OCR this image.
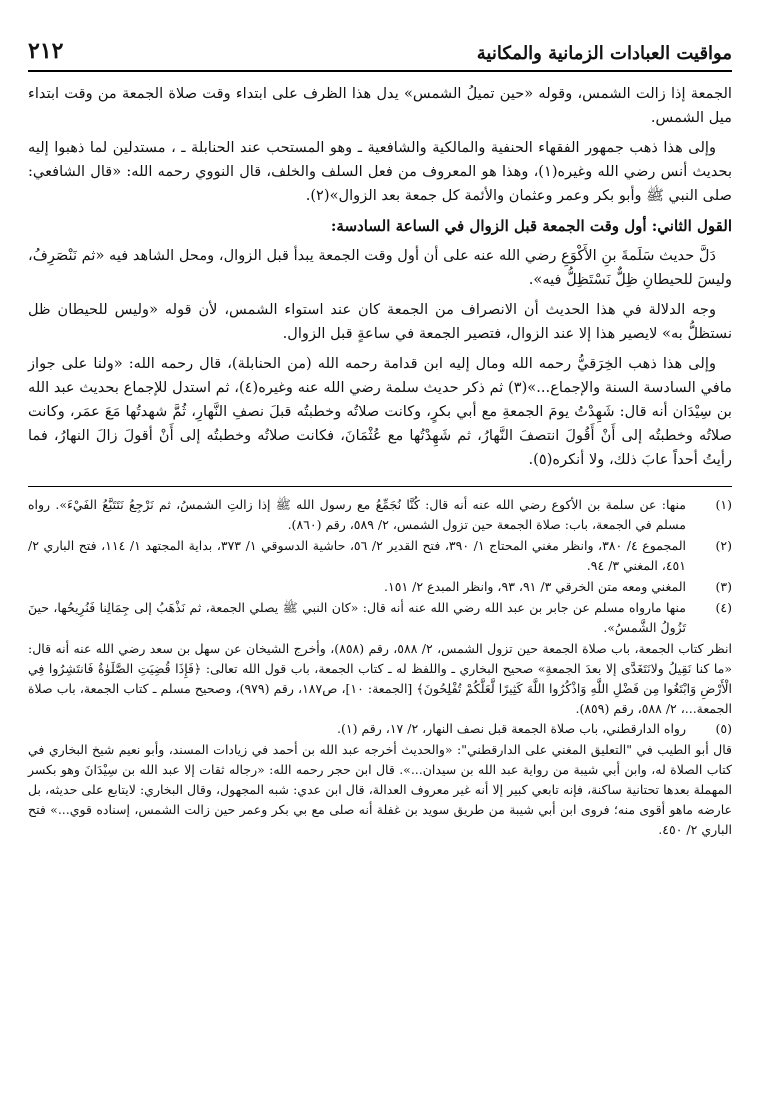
مواقيت العبادات الزمانية والمكانية
٢١٢

الجمعة إذا زالت الشمس، وقوله «حين تميلُ الشمس» يدل هذا الظرف على ابتداء وقت صلاة الجمعة من وقت ابتداء ميل الشمس.

وإلى هذا ذهب جمهور الفقهاء الحنفية والمالكية والشافعية ـ وهو المستحب عند الحنابلة ـ ، مستدلين لما ذهبوا إليه بحديث أنس رضي الله وغيره(١)، وهذا هو المعروف من فعل السلف والخلف، قال النووي رحمه الله: «قال الشافعي: صلى النبي ﷺ وأبو بكر وعمر وعثمان والأئمة كل جمعة بعد الزوال»(٢).

القول الثاني: أول وقت الجمعة قبل الزوال في الساعة السادسة:

دَلَّ حديث سَلَمةَ بنِ الأَكْوَعِ رضي الله عنه على أن أول وقت الجمعة يبدأ قبل الزوال، ومحل الشاهد فيه «ثم نَنْصَرِفُ، وليسَ للحيطانِ ظِلٌّ نَسْتَظِلُّ فيه».

وجه الدلالة في هذا الحديث أن الانصراف من الجمعة كان عند استواء الشمس، لأن قوله «وليس للحيطان ظل نستظلُّ به» لايصير هذا إلا عند الزوال، فتصير الجمعة في ساعةٍ قبل الزوال.

وإلى هذا ذهب الخِرَقيُّ رحمه الله ومال إليه ابن قدامة رحمه الله (من الحنابلة)، قال رحمه الله: «ولنا على جواز مافي السادسة السنة والإجماع...»(٣) ثم ذكر حديث سلمة رضي الله عنه وغيره(٤)، ثم استدل للإجماع بحديث عبد الله بن سِيْدَان أنه قال: شَهِدْتُ يومَ الجمعةِ مع أبي بكرٍ، وكانت صلاتُه وخطبتُه قبلَ نصفِ النَّهارِ، ثُمَّ شهدتُها مَعَ عمَر، وكانت صلاتُه وخطبتُه إلى أَنْ أَقُولَ انتصفَ النَّهارُ، ثم شَهِدْتُها مع عُثْمَانَ، فكانت صلاتُه وخطبتُه إلى أَنْ أقولَ زالَ النهارُ، فما رأيتُ أحداً عابَ ذلك، ولا أنكره(٥).

(١)
منها: عن سلمة بن الأكوع رضي الله عنه أنه قال: كُنَّا نُجَمِّعُ مع رسول الله ﷺ إذا زالتِ الشمسُ، ثم نَرْجِعُ نَتَتَبَّعُ الفَيْءَ». رواه مسلم في الجمعة، باب: صلاة الجمعة حين تزول الشمس، ٢/ ٥٨٩، رقم (٨٦٠).
(٢)
المجموع ٤/ ٣٨٠، وانظر مغني المحتاج ١/ ٣٩٠، فتح القدير ٢/ ٥٦، حاشية الدسوقي ١/ ٣٧٣، بداية المجتهد ١/ ١١٤، فتح الباري ٢/ ٤٥١، المغني ٣/ ٩٤.
(٣)
المغني ومعه متن الخرقي ٣/ ٩١، ٩٣، وانظر المبدع ٢/ ١٥١.
(٤)
منها مارواه مسلم عن جابر بن عبد الله رضي الله عنه أنه قال: «كان النبي ﷺ يصلي الجمعة، ثم نَذْهَبُ إلى جِمَالِنا فَنُرِيحُها، حينَ تَزُولُ الشَّمسُ».

انظر كتاب الجمعة، باب صلاة الجمعة حين تزول الشمس، ٢/ ٥٨٨، رقم (٨٥٨)، وأخرج الشيخان عن سهل بن سعد رضي الله عنه أنه قال: «ما كنا نَقِيلُ ولانَتَغَدَّى إلا بعدَ الجمعةِ» صحيح البخاري ـ واللفظ له ـ كتاب الجمعة، باب قول الله تعالى: ﴿فَإِذَا قُضِيَتِ الصَّلَوٰةُ فَانتَشِرُوا فِي الْأَرْضِ وَابْتَغُوا مِن فَضْلِ اللَّهِ وَاذْكُرُوا اللَّهَ كَثِيرًا لَّعَلَّكُمْ تُفْلِحُونَ﴾ [الجمعة: ١٠]، ص١٨٧، رقم (٩٧٩)، وصحيح مسلم ـ كتاب الجمعة، باب صلاة الجمعة...، ٢/ ٥٨٨، رقم (٨٥٩).

(٥)
رواه الدارقطني، باب صلاة الجمعة قبل نصف النهار، ٢/ ١٧، رقم (١).

قال أبو الطيب في "التعليق المغني على الدارقطني": «والحديث أخرجه عبد الله بن أحمد في زيادات المسند، وأبو نعيم شيخ البخاري في كتاب الصلاة له، وابن أبي شيبة من رواية عبد الله بن سيدان...». قال ابن حجر رحمه الله: «رجاله ثقات إلا عبد الله بن سِيْدَانَ وهو بكسر المهملة بعدها تحتانية ساكنة، فإنه تابعي كبير إلا أنه غير معروف العدالة، قال ابن عدي: شبه المجهول، وقال البخاري: لايتابع على حديثه، بل عارضه ماهو أقوى منه؛ فروى ابن أبي شيبة من طريق سويد بن غفلة أنه صلى مع بي بكر وعمر حين زالت الشمس، إسناده قوي...» فتح الباري ٢/ ٤٥٠.
